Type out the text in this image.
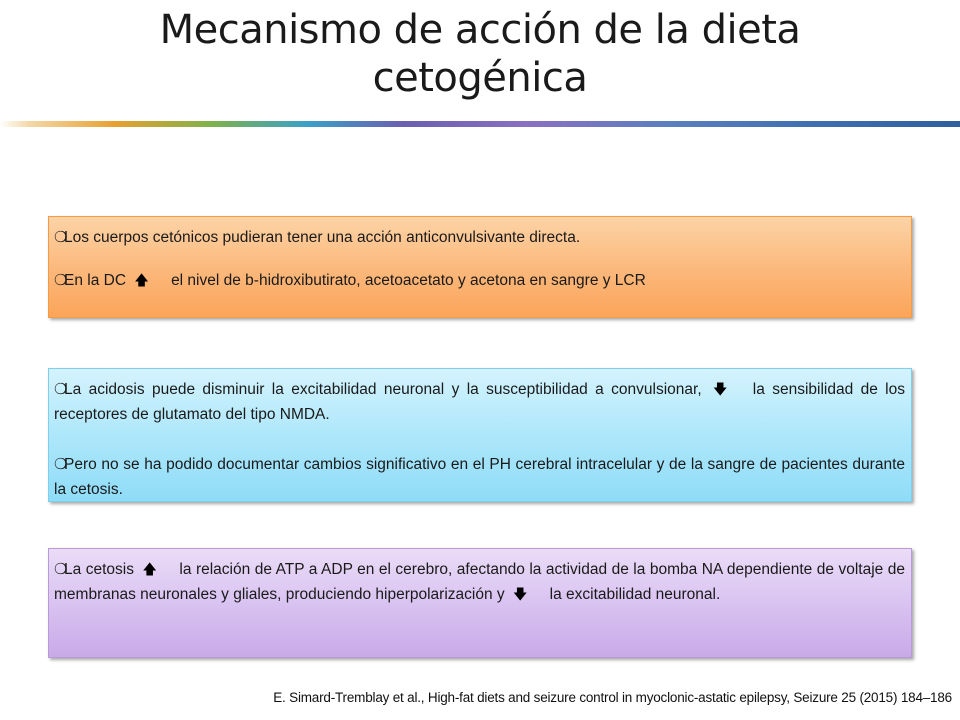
Mecanismo de acción de la dieta cetogénica

❍Los cuerpos cetónicos pudieran tener una acción anticonvulsivante directa.

❍En la DC 🡅 el nivel de b-hidroxibutirato, acetoacetato y acetona en sangre y LCR

❍La acidosis puede disminuir la excitabilidad neuronal y la susceptibilidad a convulsionar, 🡇 la sensibilidad de los receptores de glutamato del tipo NMDA.

❍Pero no se ha podido documentar cambios significativo en el PH cerebral intracelular y de la sangre de pacientes durante la cetosis.

❍La cetosis 🡅 la relación de ATP a ADP en el cerebro, afectando la actividad de la bomba NA dependiente de voltaje de membranas neuronales y gliales, produciendo hiperpolarización y 🡇 la excitabilidad neuronal.

E. Simard-Tremblay et al., High-fat diets and seizure control in myoclonic-astatic epilepsy, Seizure 25 (2015) 184–186
